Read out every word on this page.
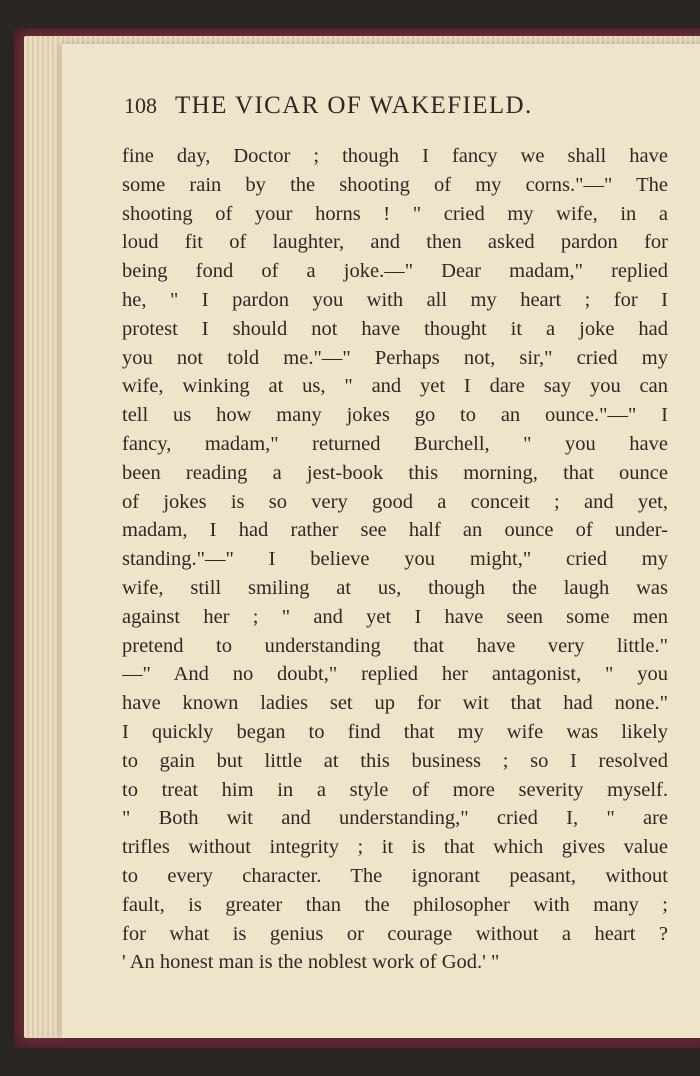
108 THE VICAR OF WAKEFIELD.
fine day, Doctor ; though I fancy we shall have
some rain by the shooting of my corns."—" The
shooting of your horns ! " cried my wife, in a
loud fit of laughter, and then asked pardon for
being fond of a joke.—" Dear madam," replied
he, " I pardon you with all my heart ; for I
protest I should not have thought it a joke had
you not told me."—" Perhaps not, sir," cried my
wife, winking at us, " and yet I dare say you can
tell us how many jokes go to an ounce."—" I
fancy, madam," returned Burchell, " you have
been reading a jest-book this morning, that ounce
of jokes is so very good a conceit ; and yet,
madam, I had rather see half an ounce of under-
standing."—" I believe you might," cried my
wife, still smiling at us, though the laugh was
against her ; " and yet I have seen some men
pretend to understanding that have very little."
—" And no doubt," replied her antagonist, " you
have known ladies set up for wit that had none."
I quickly began to find that my wife was likely
to gain but little at this business ; so I resolved
to treat him in a style of more severity myself.
" Both wit and understanding," cried I, " are
trifles without integrity ; it is that which gives value
to every character. The ignorant peasant, without
fault, is greater than the philosopher with many ;
for what is genius or courage without a heart ?
' An honest man is the noblest work of God.' "
